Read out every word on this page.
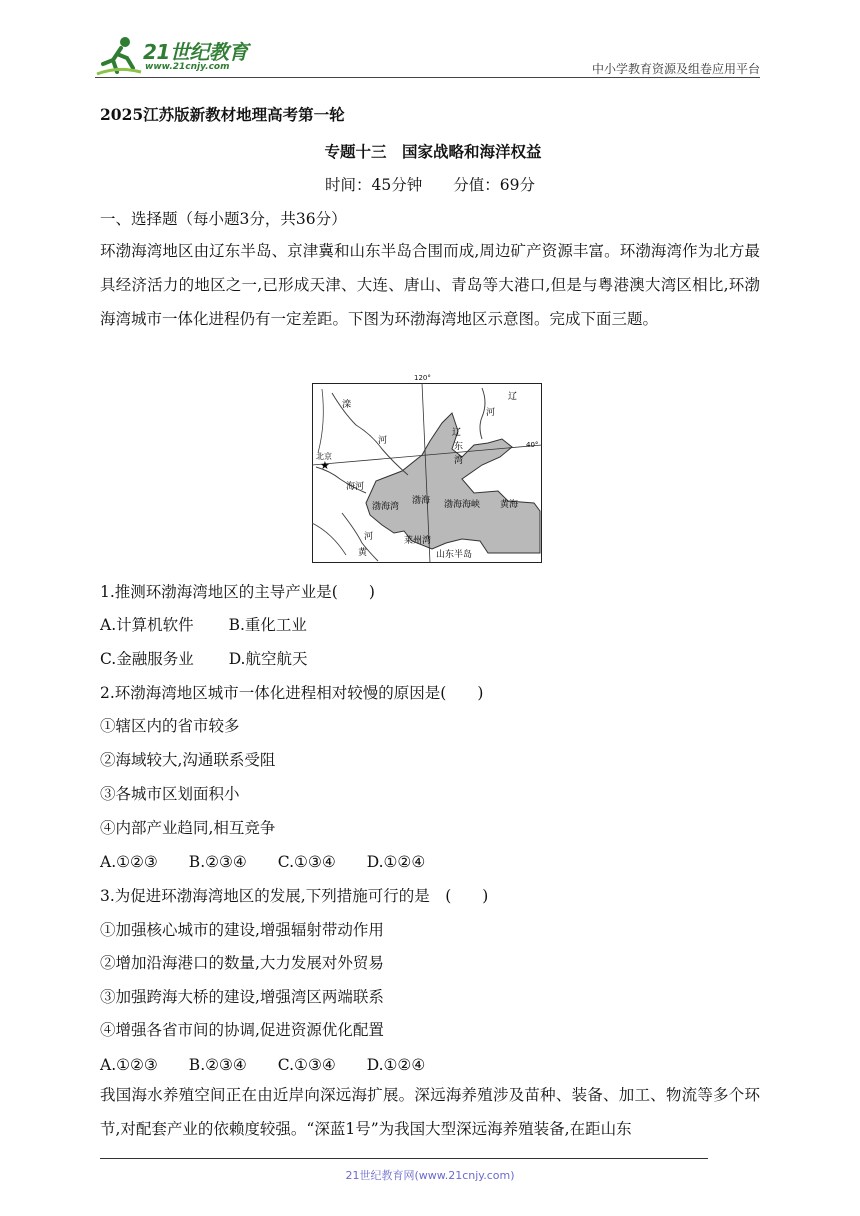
21世纪教育
www.21cnjy.com	中小学教育资源及组卷应用平台
2025江苏版新教材地理高考第一轮
专题十三　国家战略和海洋权益
时间：45分钟　　分值：69分
一、选择题（每小题3分，共36分）
环渤海湾地区由辽东半岛、京津冀和山东半岛合围而成,周边矿产资源丰富。环渤海湾作为北方最具经济活力的地区之一,已形成天津、大连、唐山、青岛等大港口,但是与粤港澳大湾区相比,环渤海湾城市一体化进程仍有一定差距。下图为环渤海湾地区示意图。完成下面三题。
★
北京
滦
河
辽
河
辽
东
湾
海河
渤海湾
渤海 渤海海峡 黄海
河	莱州湾
黄	山东半岛
40°
120°
1.推测环渤海湾地区的主导产业是(　　)
A.计算机软件 B.重化工业
C.金融服务业 D.航空航天
2.环渤海湾地区城市一体化进程相对较慢的原因是(　　)
①辖区内的省市较多
②海域较大,沟通联系受阻
③各城市区划面积小
④内部产业趋同,相互竞争
A.①②③　　B.②③④　　C.①③④　　D.①②④
3.为促进环渤海湾地区的发展,下列措施可行的是　(　　)
①加强核心城市的建设,增强辐射带动作用
②增加沿海港口的数量,大力发展对外贸易
③加强跨海大桥的建设,增强湾区两端联系
④增强各省市间的协调,促进资源优化配置
A.①②③　　B.②③④　　C.①③④　　D.①②④
我国海水养殖空间正在由近岸向深远海扩展。深远海养殖涉及苗种、装备、加工、物流等多个环节,对配套产业的依赖度较强。“深蓝1号”为我国大型深远海养殖装备,在距山东
21世纪教育网(www.21cnjy.com)
